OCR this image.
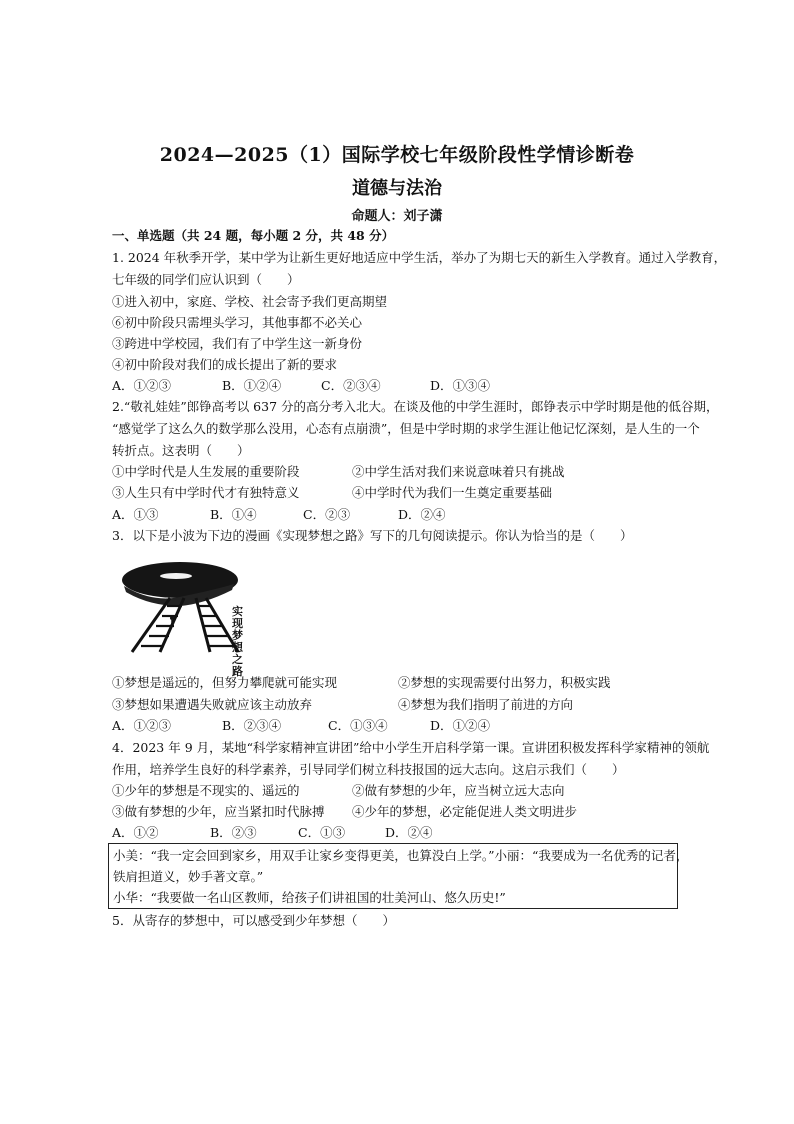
2024—2025（1）国际学校七年级阶段性学情诊断卷
道德与法治
命题人：刘子潇
一、单选题（共 24 题，每小题 2 分，共 48 分）
1. 2024 年秋季开学，某中学为让新生更好地适应中学生活，举办了为期七天的新生入学教育。通过入学教育，
七年级的同学们应认识到（　　）
①进入初中，家庭、学校、社会寄予我们更高期望
⑥初中阶段只需埋头学习，其他事都不必关心
③跨进中学校园，我们有了中学生这一新身份
④初中阶段对我们的成长提出了新的要求
A．①②③	B．①②④	C．②③④	D．①③④
2.“敬礼娃娃”郎铮高考以 637 分的高分考入北大。在谈及他的中学生涯时，郎铮表示中学时期是他的低谷期，
“感觉学了这么久的数学那么没用，心态有点崩溃”，但是中学时期的求学生涯让他记忆深刻，是人生的一个
转折点。这表明（　　）
①中学时代是人生发展的重要阶段	②中学生活对我们来说意味着只有挑战
③人生只有中学时代才有独特意义	④中学时代为我们一生奠定重要基础
A．①③	B．①④	C．②③	D．②④
3．以下是小波为下边的漫画《实现梦想之路》写下的几句阅读提示。你认为恰当的是（　　）
实现梦想之路
①梦想是遥远的，但努力攀爬就可能实现	②梦想的实现需要付出努力，积极实践
③梦想如果遭遇失败就应该主动放弃	④梦想为我们指明了前进的方向
A．①②③	B．②③④	C．①③④	D．①②④
4．2023 年 9 月，某地“科学家精神宣讲团”给中小学生开启科学第一课。宣讲团积极发挥科学家精神的领航
作用，培养学生良好的科学素养，引导同学们树立科技报国的远大志向。这启示我们（　　）
①少年的梦想是不现实的、遥远的	②做有梦想的少年，应当树立远大志向
③做有梦想的少年，应当紧扣时代脉搏 ④少年的梦想，必定能促进人类文明进步
A．①②	B．②③	C．①③	D．②④
小美：“我一定会回到家乡，用双手让家乡变得更美，也算没白上学。”小丽：“我要成为一名优秀的记者，
铁肩担道义，妙手著文章。”
小华：“我要做一名山区教师，给孩子们讲祖国的壮美河山、悠久历史!”
5．从寄存的梦想中，可以感受到少年梦想（　　）
